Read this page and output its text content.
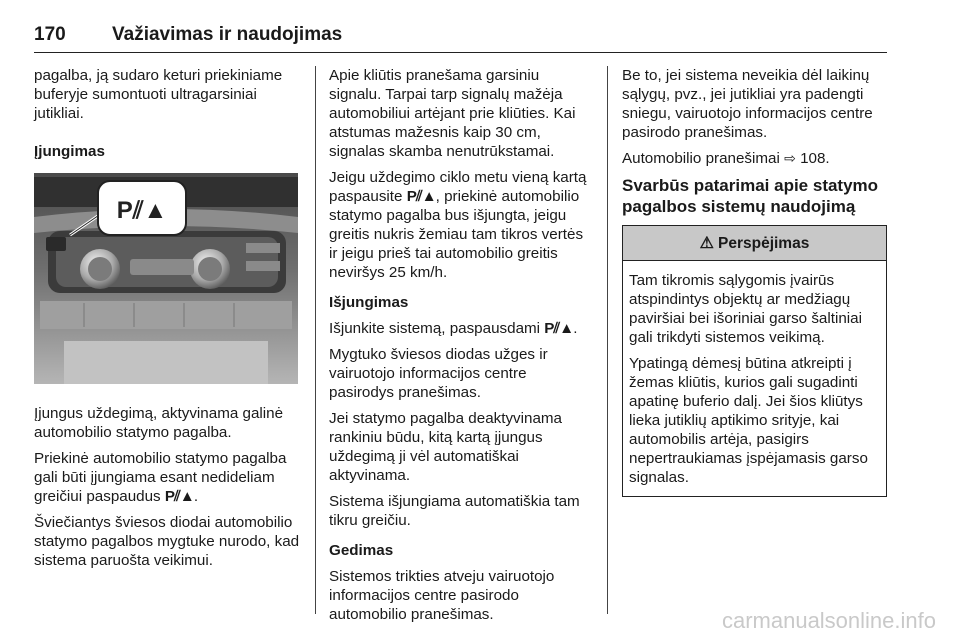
170 Važiavimas ir naudojimas

pagalba, ją sudaro keturi priekiniame buferyje sumontuoti ultragarsiniai jutikliai.

Įjungimas

P⫽▲

Įjungus uždegimą, aktyvinama galinė automobilio statymo pagalba.

Priekinė automobilio statymo pagalba gali būti įjungiama esant nedideliam greičiui paspaudus P⫽▲.

Šviečiantys šviesos diodai automobilio statymo pagalbos mygtuke nurodo, kad sistema paruošta veikimui.

Apie kliūtis pranešama garsiniu signalu. Tarpai tarp signalų mažėja automobiliui artėjant prie kliūties. Kai atstumas mažesnis kaip 30 cm, signalas skamba nenutrūkstamai.

Jeigu uždegimo ciklo metu vieną kartą paspausite P⫽▲, priekinė automobilio statymo pagalba bus išjungta, jeigu greitis nukris žemiau tam tikros vertės ir jeigu prieš tai automobilio greitis neviršys 25 km/h.

Išjungimas

Išjunkite sistemą, paspausdami P⫽▲.

Mygtuko šviesos diodas užges ir vairuotojo informacijos centre pasirodys pranešimas.

Jei statymo pagalba deaktyvinama rankiniu būdu, kitą kartą įjungus uždegimą ji vėl automatiškai aktyvinama.

Sistema išjungiama automatiškia tam tikru greičiu.

Gedimas

Sistemos trikties atveju vairuotojo informacijos centre pasirodo automobilio pranešimas.

Be to, jei sistema neveikia dėl laikinų sąlygų, pvz., jei jutikliai yra padengti sniegu, vairuotojo informacijos centre pasirodo pranešimas.

Automobilio pranešimai ⇨ 108.

Svarbūs patarimai apie statymo pagalbos sistemų naudojimą

⚠ Perspėjimas

Tam tikromis sąlygomis įvairūs atspindintys objektų ar medžiagų paviršiai bei išoriniai garso šaltiniai gali trikdyti sistemos veikimą.

Ypatingą dėmesį būtina atkreipti į žemas kliūtis, kurios gali sugadinti apatinę buferio dalį. Jei šios kliūtys lieka jutiklių aptikimo srityje, kai automobilis artėja, pasigirs nepertraukiamas įspėjamasis garso signalas.

carmanualsonline.info
